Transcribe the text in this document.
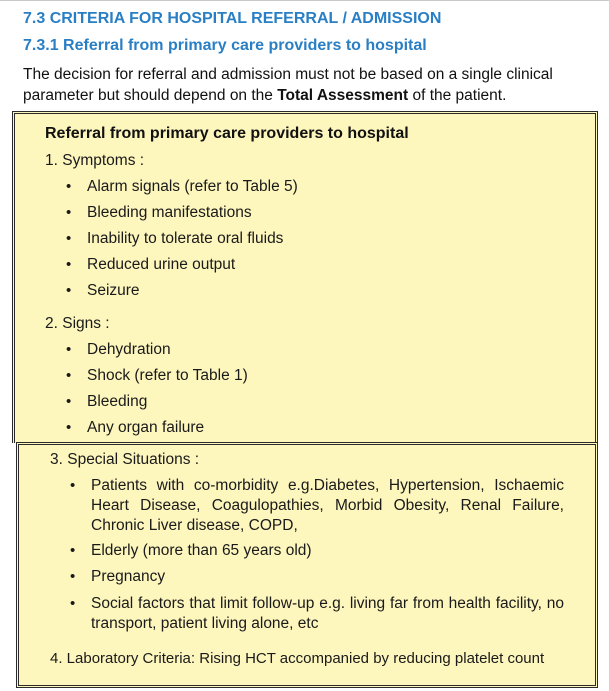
7.3 CRITERIA FOR HOSPITAL REFERRAL / ADMISSION
7.3.1 Referral from primary care providers to hospital
The decision for referral and admission must not be based on a single clinical parameter but should depend on the Total Assessment of the patient.
Referral from primary care providers to hospital
1. Symptoms :
• Alarm signals (refer to Table 5)
• Bleeding manifestations
• Inability to tolerate oral fluids
• Reduced urine output
• Seizure
2. Signs :
• Dehydration
• Shock (refer to Table 1)
• Bleeding
• Any organ failure
3. Special Situations :
• Patients with co-morbidity e.g.Diabetes, Hypertension, Ischaemic Heart Disease, Coagulopathies, Morbid Obesity, Renal Failure, Chronic Liver disease, COPD,
• Elderly (more than 65 years old)
• Pregnancy
• Social factors that limit follow-up e.g. living far from health facility, no transport, patient living alone, etc
4. Laboratory Criteria: Rising HCT accompanied by reducing platelet count
